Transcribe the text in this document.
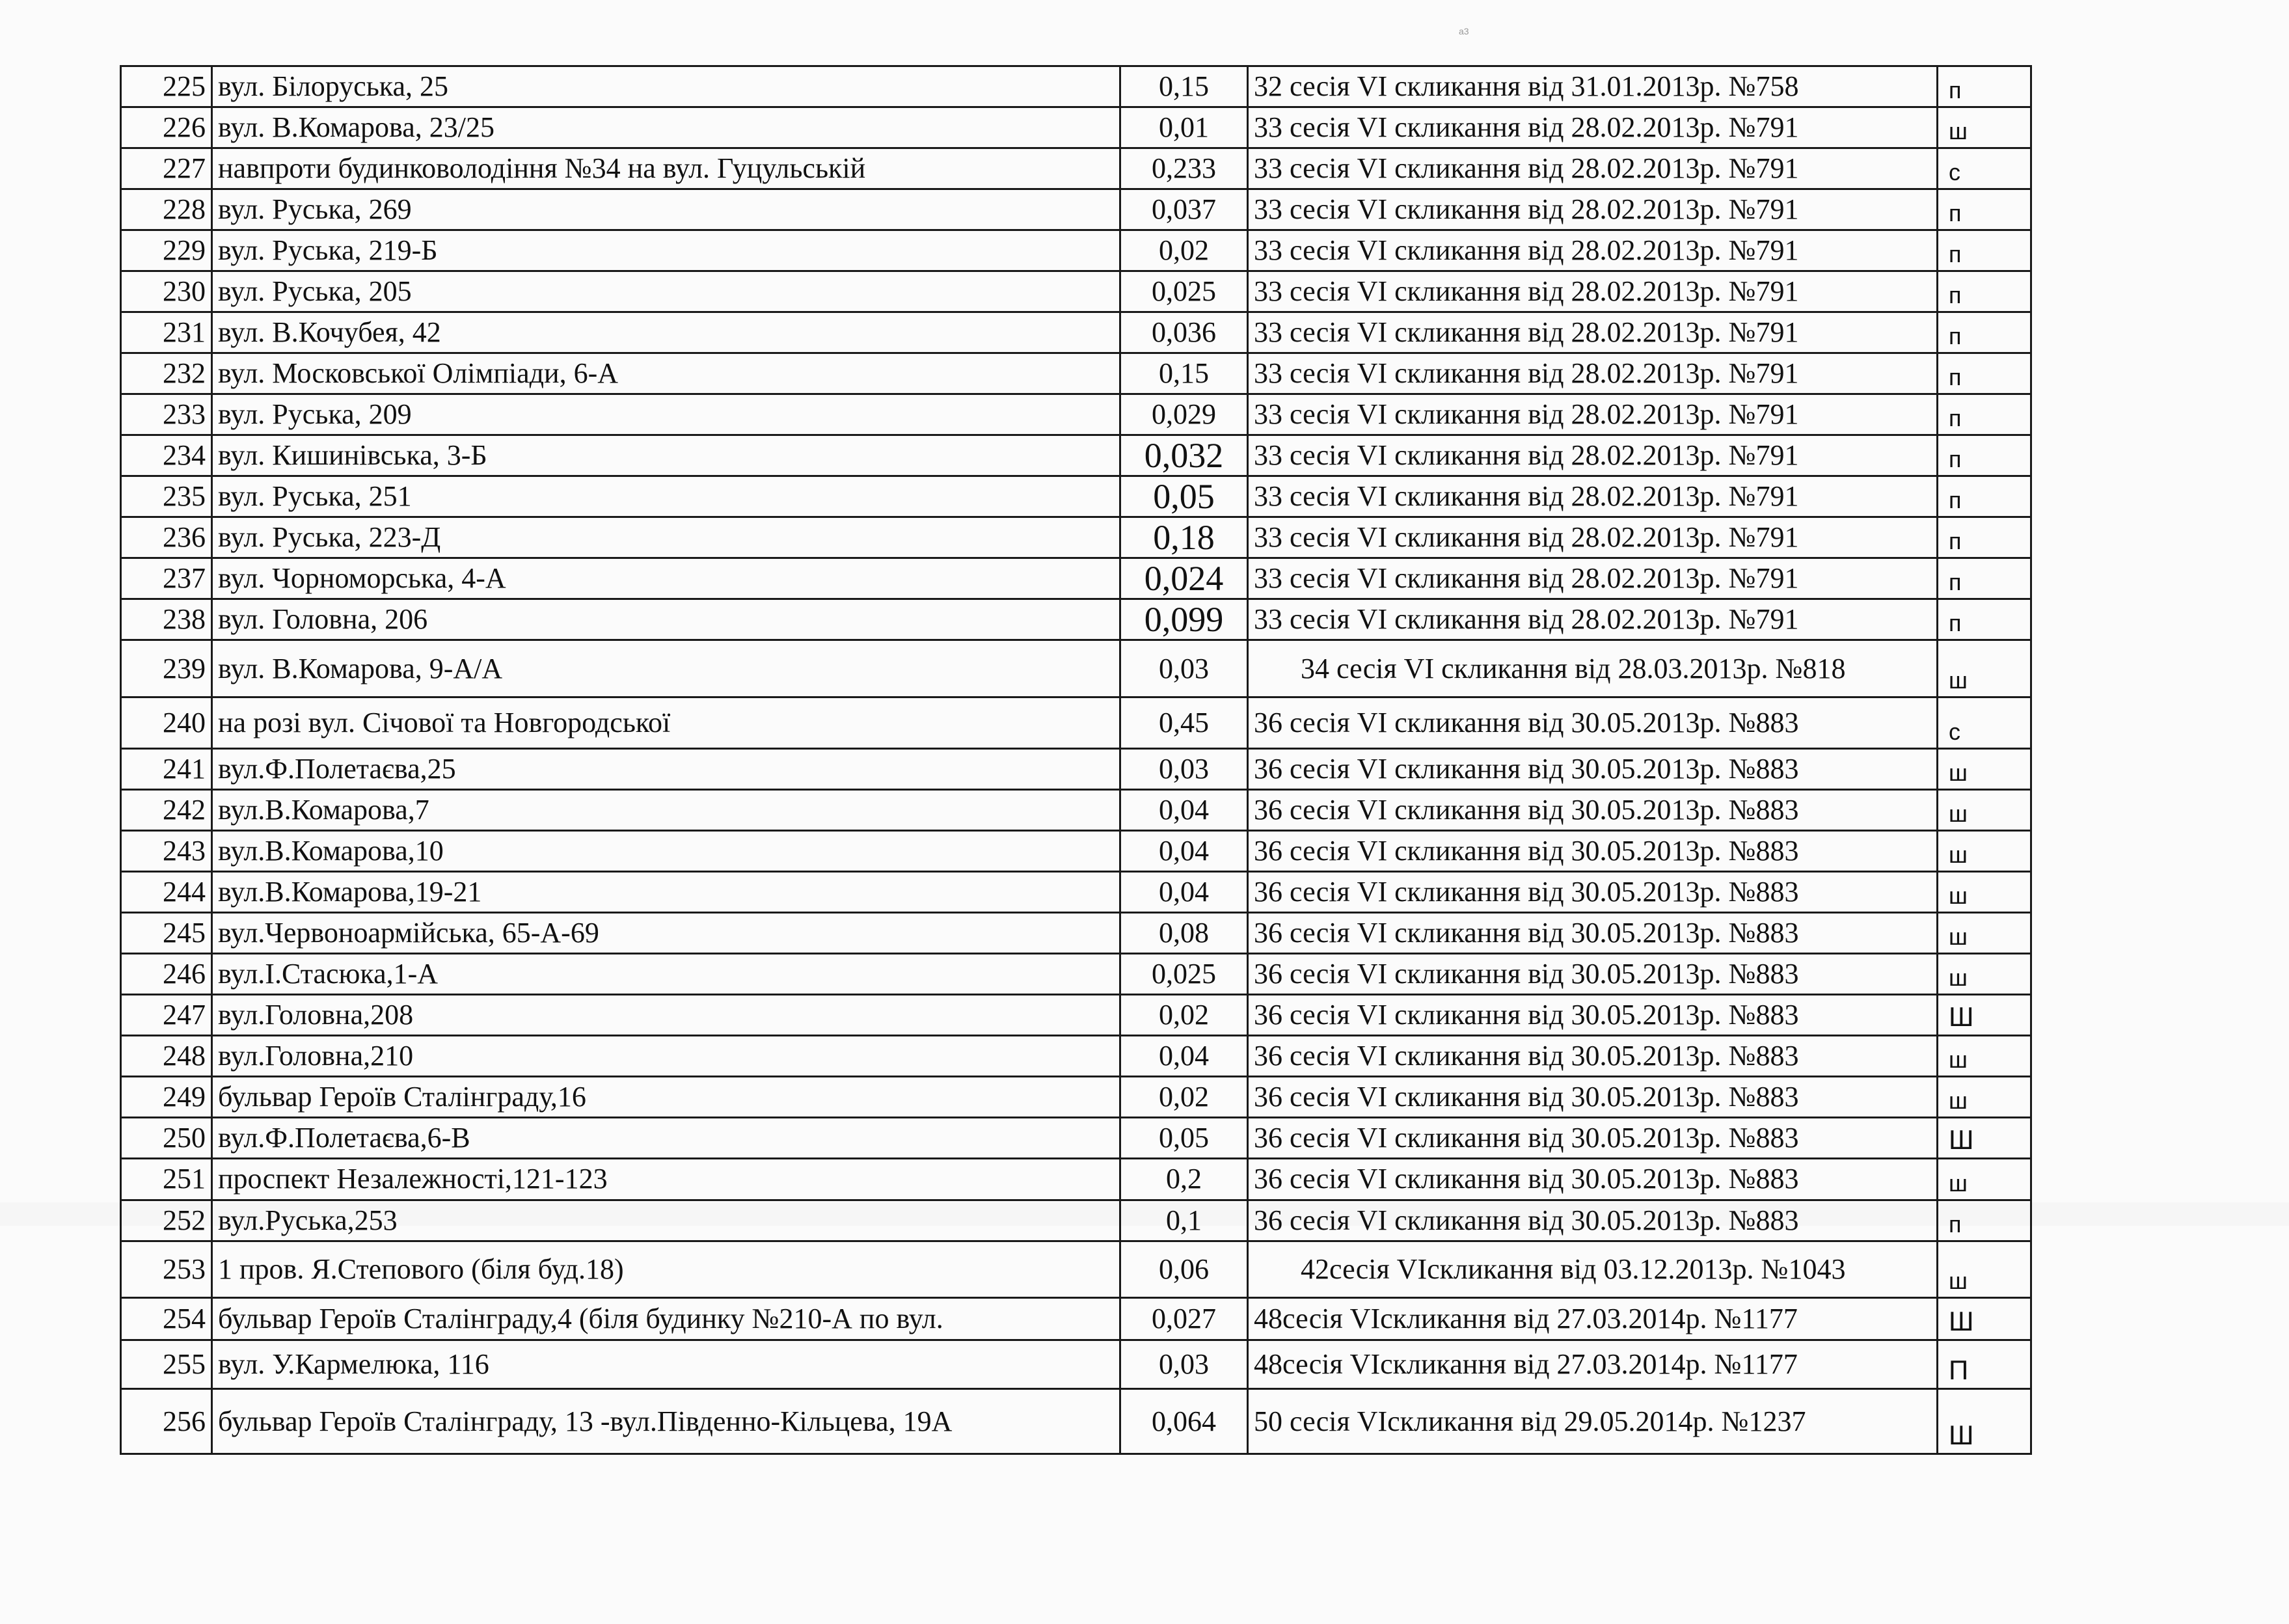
а3
225	вул. Білоруська, 25	0,15	32 сесія VI скликання від 31.01.2013р. №758	п
226	вул. В.Комарова, 23/25	0,01	33 сесія VI скликання від 28.02.2013р. №791	ш
227	навпроти будинковолодіння №34 на вул. Гуцульській	0,233	33 сесія VI скликання від 28.02.2013р. №791	с
228	вул. Руська, 269	0,037	33 сесія VI скликання від 28.02.2013р. №791	п
229	вул. Руська, 219-Б	0,02	33 сесія VI скликання від 28.02.2013р. №791	п
230	вул. Руська, 205	0,025	33 сесія VI скликання від 28.02.2013р. №791	п
231	вул. В.Кочубея, 42	0,036	33 сесія VI скликання від 28.02.2013р. №791	п
232	вул. Московської Олімпіади, 6-А	0,15	33 сесія VI скликання від 28.02.2013р. №791	п
233	вул. Руська, 209	0,029	33 сесія VI скликання від 28.02.2013р. №791	п
234	вул. Кишинівська, 3-Б	0,032	33 сесія VI скликання від 28.02.2013р. №791	п
235	вул. Руська, 251	0,05	33 сесія VI скликання від 28.02.2013р. №791	п
236	вул. Руська, 223-Д	0,18	33 сесія VI скликання від 28.02.2013р. №791	п
237	вул. Чорноморська, 4-А	0,024	33 сесія VI скликання від 28.02.2013р. №791	п
238	вул. Головна, 206	0,099	33 сесія VI скликання від 28.02.2013р. №791	п
239	вул. В.Комарова, 9-А/А	0,03	34 сесія VI скликання від 28.03.2013р. №818	ш
240	на розі вул. Січової та Новгородської	0,45	36 сесія VI скликання від 30.05.2013р. №883	с
241	вул.Ф.Полетаєва,25	0,03	36 сесія VI скликання від 30.05.2013р. №883	ш
242	вул.В.Комарова,7	0,04	36 сесія VI скликання від 30.05.2013р. №883	ш
243	вул.В.Комарова,10	0,04	36 сесія VI скликання від 30.05.2013р. №883	ш
244	вул.В.Комарова,19-21	0,04	36 сесія VI скликання від 30.05.2013р. №883	ш
245	вул.Червоноармійська, 65-А-69	0,08	36 сесія VI скликання від 30.05.2013р. №883	ш
246	вул.І.Стасюка,1-А	0,025	36 сесія VI скликання від 30.05.2013р. №883	ш
247	вул.Головна,208	0,02	36 сесія VI скликання від 30.05.2013р. №883	Ш
248	вул.Головна,210	0,04	36 сесія VI скликання від 30.05.2013р. №883	ш
249	бульвар Героїв Сталінграду,16	0,02	36 сесія VI скликання від 30.05.2013р. №883	ш
250	вул.Ф.Полетаєва,6-В	0,05	36 сесія VI скликання від 30.05.2013р. №883	Ш
251	проспект Незалежності,121-123	0,2	36 сесія VI скликання від 30.05.2013р. №883	ш
252	вул.Руська,253	0,1	36 сесія VI скликання від 30.05.2013р. №883	п
253	1 пров. Я.Степового (біля буд.18)	0,06	42сесія VIскликання від 03.12.2013р. №1043	ш
254	бульвар Героїв Сталінграду,4 (біля будинку №210-А по вул.	0,027	48сесія VIскликання від 27.03.2014р. №1177	Ш
255	вул. У.Кармелюка, 116	0,03	48сесія VIскликання від 27.03.2014р. №1177	П
256	бульвар Героїв Сталінграду, 13 -вул.Південно-Кільцева, 19А	0,064	50 сесія VIскликання від 29.05.2014р. №1237	Ш
